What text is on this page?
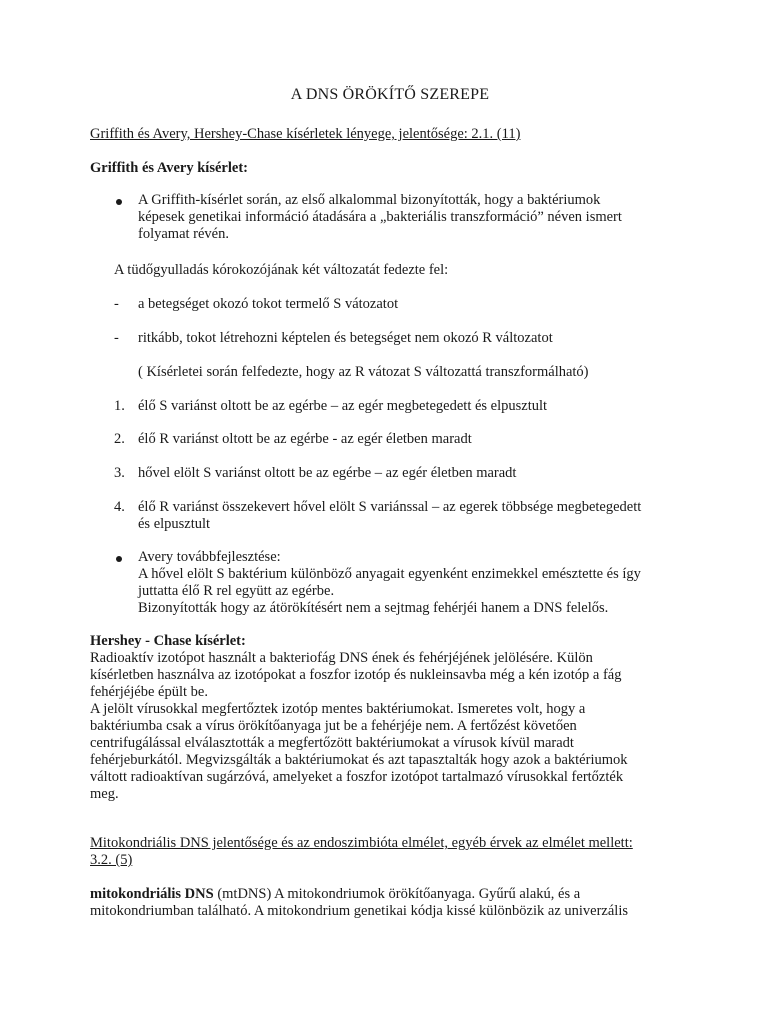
A DNS ÖRÖKÍTŐ SZEREPE
Griffith és Avery, Hershey-Chase kísérletek lényege, jelentősége: 2.1. (11)
Griffith és Avery kísérlet:
A Griffith-kísérlet során, az első alkalommal bizonyították, hogy a baktériumok
képesek genetikai információ átadására a „bakteriális transzformáció” néven ismert
folyamat révén.
A tüdőgyulladás kórokozójának két változatát fedezte fel:
- a betegséget okozó tokot termelő S vátozatot
- ritkább, tokot létrehozni képtelen és betegséget nem okozó R változatot
( Kísérletei során felfedezte, hogy az R vátozat S változattá transzformálható)
1. élő S variánst oltott be az egérbe – az egér megbetegedett és elpusztult
2. élő R variánst oltott be az egérbe - az egér életben maradt
3. hővel elölt S variánst oltott be az egérbe – az egér életben maradt
4. élő R variánst összekevert hővel elölt S variánssal – az egerek többsége megbetegedett
és elpusztult
Avery továbbfejlesztése:
A hővel elölt S baktérium különböző anyagait egyenként enzimekkel emésztette és így
juttatta élő R rel együtt az egérbe.
Bizonyították hogy az átörökítésért nem a sejtmag fehérjéi hanem a DNS felelős.
Hershey - Chase kísérlet:
Radioaktív izotópot használt a bakteriofág DNS ének és fehérjéjének jelölésére. Külön
kísérletben használva az izotópokat a foszfor izotóp és nukleinsavba még a kén izotóp a fág
fehérjéjébe épült be.
A jelölt vírusokkal megfertőztek izotóp mentes baktériumokat. Ismeretes volt, hogy a
baktériumba csak a vírus örökítőanyaga jut be a fehérjéje nem. A fertőzést követően
centrifugálással elválasztották a megfertőzött baktériumokat a vírusok kívül maradt
fehérjeburkától. Megvizsgálták a baktériumokat és azt tapasztalták hogy azok a baktériumok
váltott radioaktívan sugárzóvá, amelyeket a foszfor izotópot tartalmazó vírusokkal fertőzték
meg.
Mitokondriális DNS jelentősége és az endoszimbióta elmélet, egyéb érvek az elmélet mellett:
3.2. (5)
mitokondriális DNS (mtDNS) A mitokondriumok örökítőanyaga. Gyűrű alakú, és a
mitokondriumban található. A mitokondrium genetikai kódja kissé különbözik az univerzális
